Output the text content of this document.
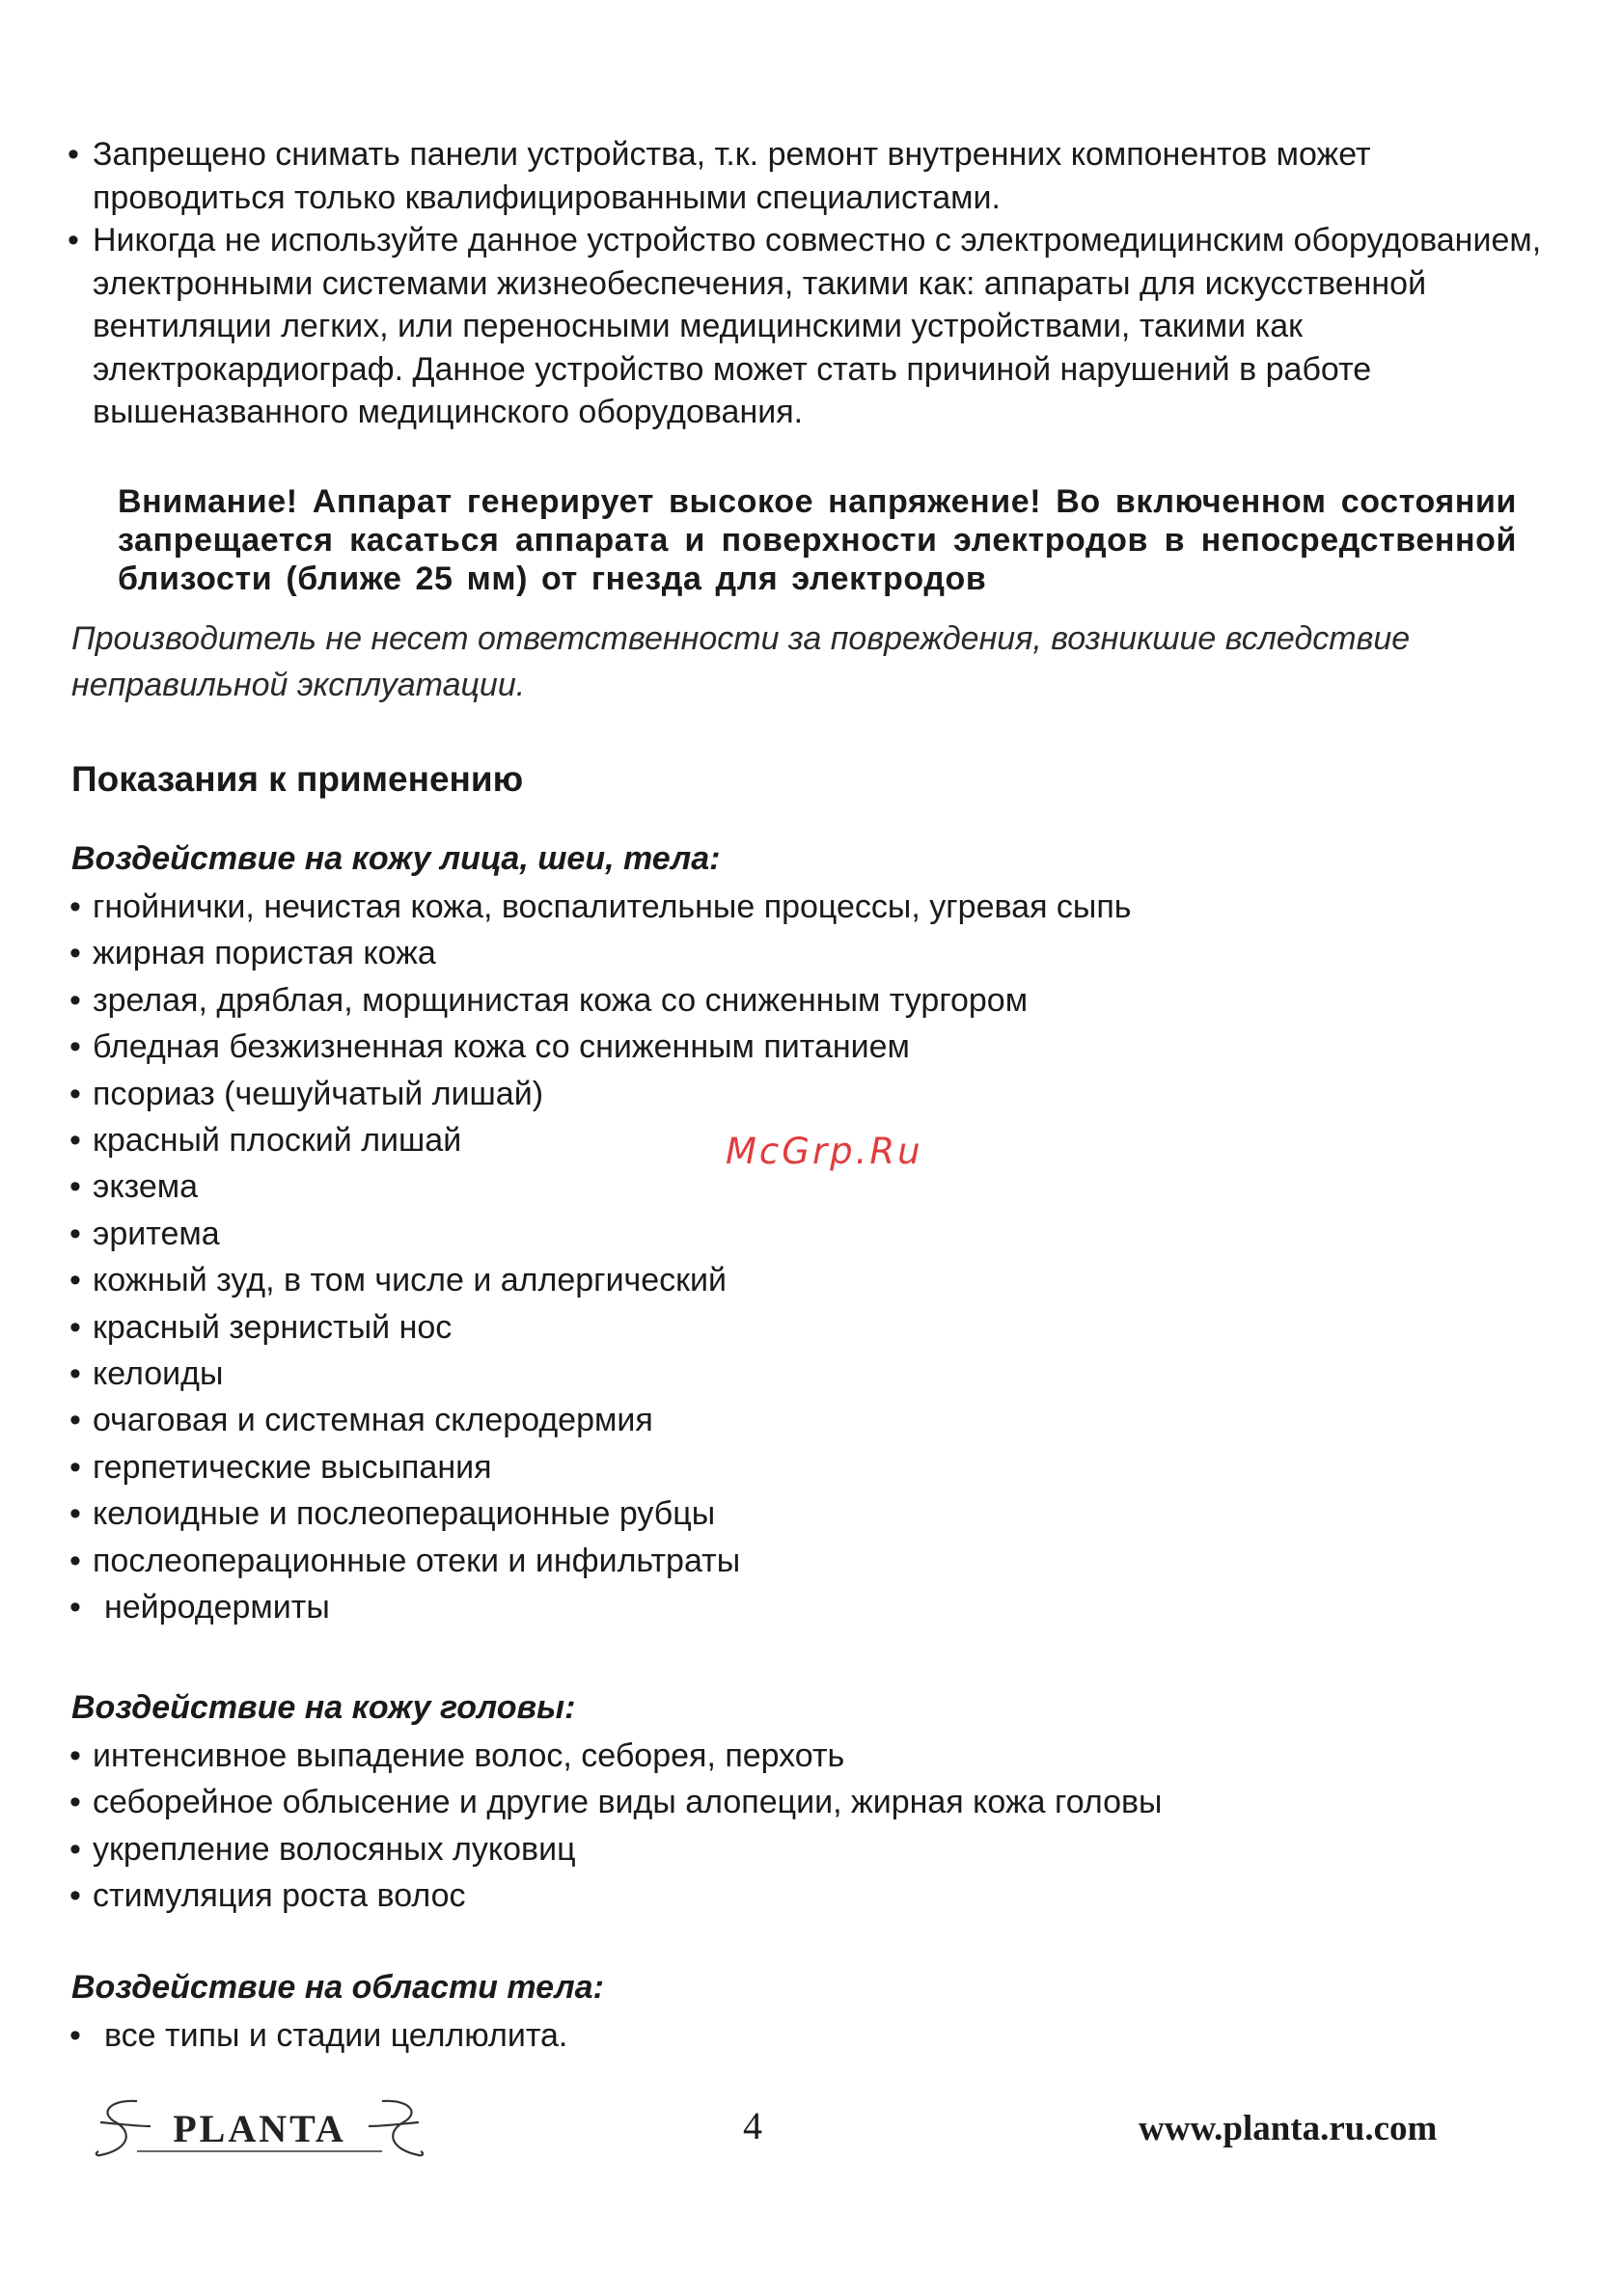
• Запрещено снимать панели устройства, т.к. ремонт внутренних компонентов может проводиться только квалифицированными специалистами.
• Никогда не используйте данное устройство совместно с электромедицинским оборудованием, электронными системами жизнеобеспечения, такими как: аппараты для искусственной вентиляции легких, или переносными медицинскими устройствами, такими как электрокардиограф. Данное устройство может стать причиной нарушений в работе вышеназванного медицинского оборудования.
Внимание! Аппарат генерирует высокое напряжение! Во включенном состоянии запрещается касаться аппарата и поверхности электродов в непосредственной близости (ближе 25 мм) от гнезда для электродов
Производитель не несет ответственности за повреждения, возникшие вследствие неправильной эксплуатации.
Показания к применению
Воздействие на кожу лица, шеи, тела:
• гнойнички, нечистая кожа, воспалительные процессы, угревая сыпь
• жирная пористая кожа
• зрелая, дряблая, морщинистая кожа со сниженным тургором
• бледная безжизненная кожа со сниженным питанием
• псориаз (чешуйчатый лишай)
• красный плоский лишай
• экзема
• эритема
• кожный зуд, в том числе и аллергический
• красный зернистый нос
• келоиды
• очаговая и системная склеродермия
• герпетические высыпания
• келоидные и послеоперационные рубцы
• послеоперационные отеки и инфильтраты
• нейродермиты
Воздействие на кожу головы:
• интенсивное выпадение волос, себорея, перхоть
• себорейное облысение и другие виды алопеции, жирная кожа головы
• укрепление волосяных луковиц
• стимуляция роста волос
Воздействие на области тела:
• все типы и стадии целлюлита.
McGrp.Ru
PLANTA	4	www.planta.ru.com
